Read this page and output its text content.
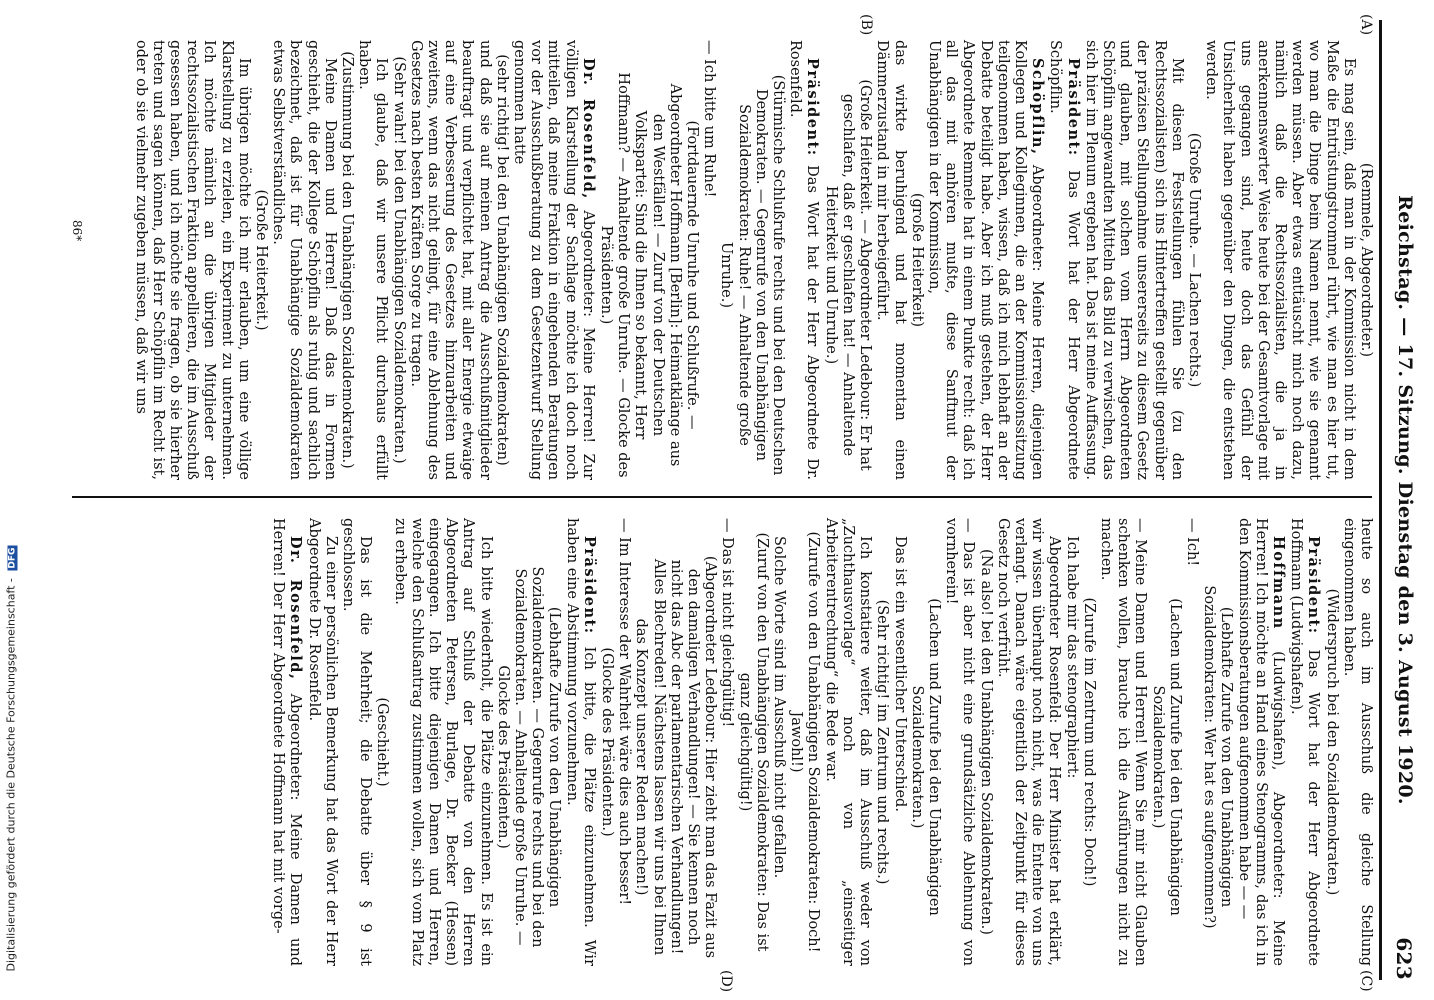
Reichstag. — 17. Sitzung. Dienstag den 3. August 1920.
623
(A)
(B)
(C)
(D)

(Remmele, Abgeordneter.)

Es mag sein, daß man in der Kommission nicht in dem Maße die Entrüstungstrommel rührt, wie man es hier tut, wo man die Dinge beim Namen nennt, wie sie genannt werden müssen. Aber etwas enttäuscht mich noch dazu, nämlich daß die Rechtssozialisten, die ja in anerkennenswerter Weise heute bei der Gesamtvorlage mit uns gegangen sind, heute doch das Gefühl der Unsicherheit haben gegenüber den Dingen, die entstehen werden.

(Große Unruhe. — Lachen rechts.)

Mit diesen Feststellungen fühlen Sie (zu den Rechtssozialisten) sich ins Hintertreffen gestellt gegenüber der präzisen Stellungnahme unsererseits zu diesem Gesetz und glauben, mit solchen vom Herrn Abgeordneten Schöpflin angewandten Mitteln das Bild zu verwischen, das sich hier im Plenum ergeben hat. Das ist meine Auffassung.

Präsident: Das Wort hat der Herr Abgeordnete Schöpflin.

Schöpflin, Abgeordneter: Meine Herren, diejenigen Kollegen und Kolleginnen, die an der Kommissionssitzung teilgenommen haben, wissen, daß ich mich lebhaft an der Debatte beteiligt habe. Aber ich muß gestehen, der Herr Abgeordnete Remmele hat in einem Punkte recht: daß ich all das mit anhören mußte, diese Sanftmut der Unabhängigen in der Kommission,

(große Heiterkeit)

das wirkte beruhigend und hat momentan einen Dämmerzustand in mir herbeigeführt.

(Große Heiterkeit. — Abgeordneter Ledebour: Er hat geschlafen, daß er geschlafen hat! — Anhaltende Heiterkeit und Unruhe.)

Präsident: Das Wort hat der Herr Abgeordnete Dr. Rosenfeld.

(Stürmische Schlußrufe rechts und bei den Deutschen Demokraten. — Gegenrufe von den Unabhängigen Sozialdemokraten: Ruhe! — Anhaltende große Unruhe.)

— Ich bitte um Ruhe!

(Fortdauernde Unruhe und Schlußrufe. — Abgeordneter Hoffmann [Berlin]: Heimatklänge aus den Westfällen! — Zuruf von der Deutschen Volkspartei: Sind die Ihnen so bekannt, Herr Hoffmann? — Anhaltende große Unruhe. — Glocke des Präsidenten.)

Dr. Rosenfeld, Abgeordneter: Meine Herren! Zur völligen Klarstellung der Sachlage möchte ich doch noch mitteilen, daß meine Fraktion in eingehenden Beratungen vor der Ausschußberatung zu dem Gesetzentwurf Stellung genommen hatte

(sehr richtig! bei den Unabhängigen Sozialdemokraten)

und daß sie auf meinen Antrag die Ausschußmitglieder beauftragt und verpflichtet hat, mit aller Energie etwaige auf eine Verbesserung des Gesetzes hinzuarbeiten und zweitens, wenn das nicht gelingt, für eine Ablehnung des Gesetzes nach besten Kräften Sorge zu tragen.

(Sehr wahr! bei den Unabhängigen Sozialdemokraten.)

Ich glaube, daß wir unsere Pflicht durchaus erfüllt haben.

(Zustimmung bei den Unabhängigen Sozialdemokraten.)

Meine Damen und Herren! Daß das in Formen geschieht, die der Kollege Schöpflin als ruhig und sachlich bezeichnet, daß ist für Unabhängige Sozialdemokraten etwas Selbstverständliches.

(Große Heiterkeit.)

Im übrigen möchte ich mir erlauben, um eine völlige Klarstellung zu erzielen, ein Experiment zu unternehmen. Ich möchte nämlich an die übrigen Mitglieder der rechtssozialistischen Fraktion appellieren, die im Ausschuß gesessen haben, und ich möchte sie fragen, ob sie hierher treten und sagen können, daß Herr Schöpflin im Recht ist, oder ob sie vielmehr zugeben müssen, daß wir uns

heute so auch im Ausschuß die gleiche Stellung eingenommen haben.

(Widerspruch bei den Sozialdemokraten.)

Präsident: Das Wort hat der Herr Abgeordnete Hoffmann (Ludwigshafen).

Hoffmann (Ludwigshafen), Abgeordneter: Meine Herren! Ich möchte an Hand eines Stenogramms, das ich in den Kommissionsberatungen aufgenommen habe — —

(Lebhafte Zurufe von den Unabhängigen Sozialdemokraten: Wer hat es aufgenommen?)

— Ich!

(Lachen und Zurufe bei den Unabhängigen Sozialdemokraten.)

— Meine Damen und Herren! Wenn Sie mir nicht Glauben schenken wollen, brauche ich die Ausführungen nicht zu machen.

(Zurufe im Zentrum und rechts: Doch!)

Ich habe mir das stenographiert:

Abgeordneter Rosenfeld: Der Herr Minister hat erklärt, wir wissen überhaupt noch nicht, was die Entente von uns verlangt. Danach wäre eigentlich der Zeitpunkt für dieses Gesetz noch verfrüht.

(Na also! bei den Unabhängigen Sozialdemokraten.)

— Das ist aber nicht eine grundsätzliche Ablehnung von vornherein!

(Lachen und Zurufe bei den Unabhängigen Sozialdemokraten.)

Das ist ein wesentlicher Unterschied.

(Sehr richtig! im Zentrum und rechts.)

Ich konstatiere weiter, daß im Ausschuß weder von „Zuchthausvorlage“ noch von „einseitiger Arbeiterentrechtung“ die Rede war.

(Zurufe von den Unabhängigen Sozialdemokraten: Doch! Jawohl!)

Solche Worte sind im Ausschuß nicht gefallen.

(Zuruf von den Unabhängigen Sozialdemokraten: Das ist ganz gleichgültig!)

— Das ist nicht gleichgültig!

(Abgeordneter Ledebour: Hier zieht man das Fazit aus den damaligen Verhandlungen! — Sie kennen noch nicht das Abc der parlamentarischen Verhandlungen! Alles Blechreden! Nächstens lassen wir uns bei Ihnen das Konzept unserer Reden machen!)

— Im Interesse der Wahrheit wäre dies auch besser!

(Glocke des Präsidenten.)

Präsident: Ich bitte, die Plätze einzunehmen. Wir haben eine Abstimmung vorzunehmen.

(Lebhafte Zurufe von den Unabhängigen Sozialdemokraten. — Gegenrufe rechts und bei den Sozialdemokraten. — Anhaltende große Unruhe. — Glocke des Präsidenten.)

Ich bitte wiederholt, die Plätze einzunehmen. Es ist ein Antrag auf Schluß der Debatte von den Herren Abgeordneten Petersen, Burlage, Dr. Becker (Hessen) eingegangen. Ich bitte diejenigen Damen und Herren, welche den Schlußantrag zustimmen wollen, sich vom Platz zu erheben.

(Geschieht.)

Das ist die Mehrheit; die Debatte über § 9 ist geschlossen.

Zu einer persönlichen Bemerkung hat das Wort der Herr Abgeordnete Dr. Rosenfeld.

Dr. Rosenfeld, Abgeordneter: Meine Damen und Herren! Der Herr Abgeordnete Hoffmann hat mit vorge-

86*
Digitalisierung gefördert durch die Deutsche Forschungsgemeinschaft - DFG
